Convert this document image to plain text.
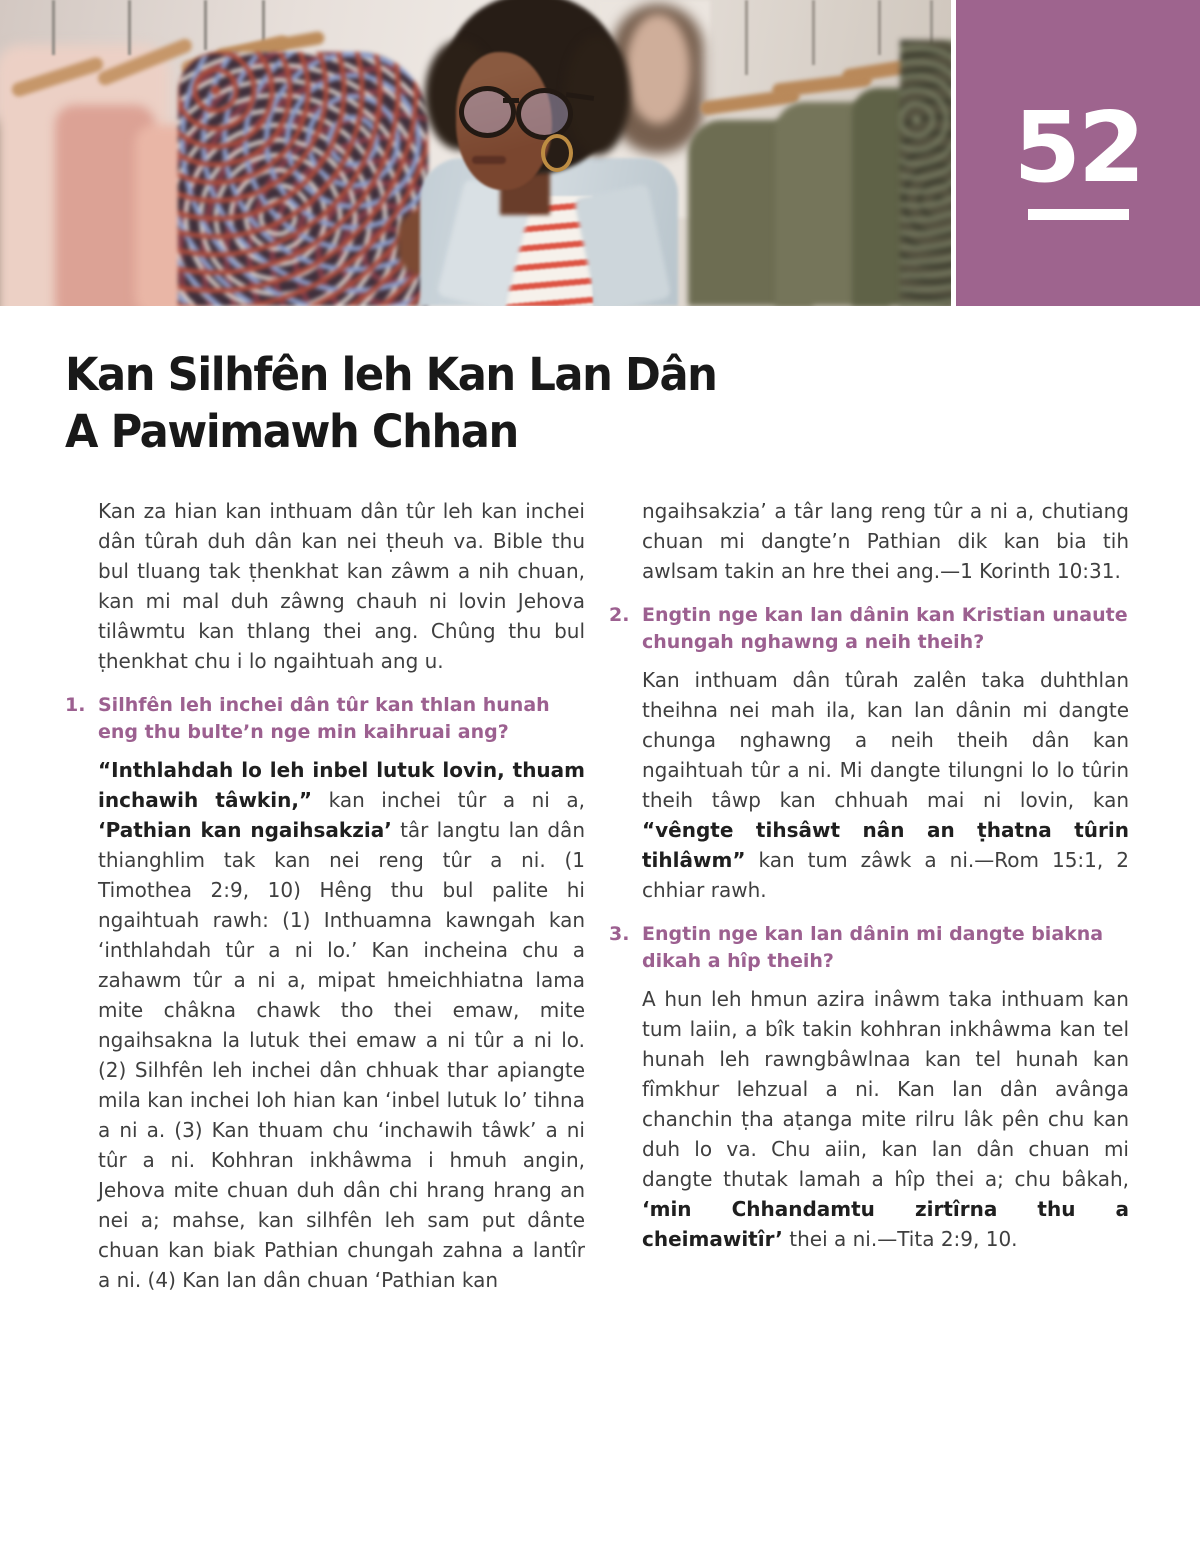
52
Kan Silhfên leh Kan Lan Dân
A Pawimawh Chhan

Kan za hian kan inthuam dân tûr leh kan inchei dân tûrah duh dân kan nei ṭheuh va. Bible thu bul tluang tak ṭhenkhat kan zâwm a nih chuan, kan mi mal duh zâwng chauh ni lovin Jehova tilâwmtu kan thlang thei ang. Chûng thu bul ṭhenkhat chu i lo ngaihtuah ang u.

1. Silhfên leh inchei dân tûr kan thlan hunah eng thu bulte’n nge min kaihruai ang?

“Inthlahdah lo leh inbel lutuk lovin, thuam inchawih tâwkin,” kan inchei tûr a ni a, ‘Pathian kan ngaihsakzia’ târ langtu lan dân thianghlim tak kan nei reng tûr a ni. (1 Timothea 2:9, 10) Hêng thu bul palite hi ngaihtuah rawh: (1) Inthuamna kawngah kan ‘inthlahdah tûr a ni lo.’ Kan incheina chu a zahawm tûr a ni a, mipat hmeichhiatna lama mite châkna chawk tho thei emaw, mite ngaihsakna la lutuk thei emaw a ni tûr a ni lo. (2) Silhfên leh inchei dân chhuak thar apiangte mila kan inchei loh hian kan ‘inbel lutuk lo’ tihna a ni a. (3) Kan thuam chu ‘inchawih tâwk’ a ni tûr a ni. Kohhran inkhâwma i hmuh angin, Jehova mite chuan duh dân chi hrang hrang an nei a; mahse, kan silhfên leh sam put dânte chuan kan biak Pathian chungah zahna a lantîr a ni. (4) Kan lan dân chuan ‘Pathian kan

ngaihsakzia’ a târ lang reng tûr a ni a, chutiang chuan mi dangte’n Pathian dik kan bia tih awlsam takin an hre thei ang.—1 Korinth 10:31.

2. Engtin nge kan lan dânin kan Kristian unaute chungah nghawng a neih theih?

Kan inthuam dân tûrah zalên taka duhthlan theihna nei mah ila, kan lan dânin mi dangte chunga nghawng a neih theih dân kan ngaihtuah tûr a ni. Mi dangte tilungni lo lo tûrin theih tâwp kan chhuah mai ni lovin, kan “vêngte tihsâwt nân an ṭhatna tûrin tihlâwm” kan tum zâwk a ni.—Rom 15:1, 2 chhiar rawh.

3. Engtin nge kan lan dânin mi dangte biakna dikah a hîp theih?

A hun leh hmun azira inâwm taka inthuam kan tum laiin, a bîk takin kohhran inkhâwma kan tel hunah leh rawngbâwlnaa kan tel hunah kan fîmkhur lehzual a ni. Kan lan dân avânga chanchin ṭha aṭanga mite rilru lâk pên chu kan duh lo va. Chu aiin, kan lan dân chuan mi dangte thutak lamah a hîp thei a; chu bâkah, ‘min Chhandamtu zirtîrna thu a cheimawitîr’ thei a ni.—Tita 2:9, 10.
